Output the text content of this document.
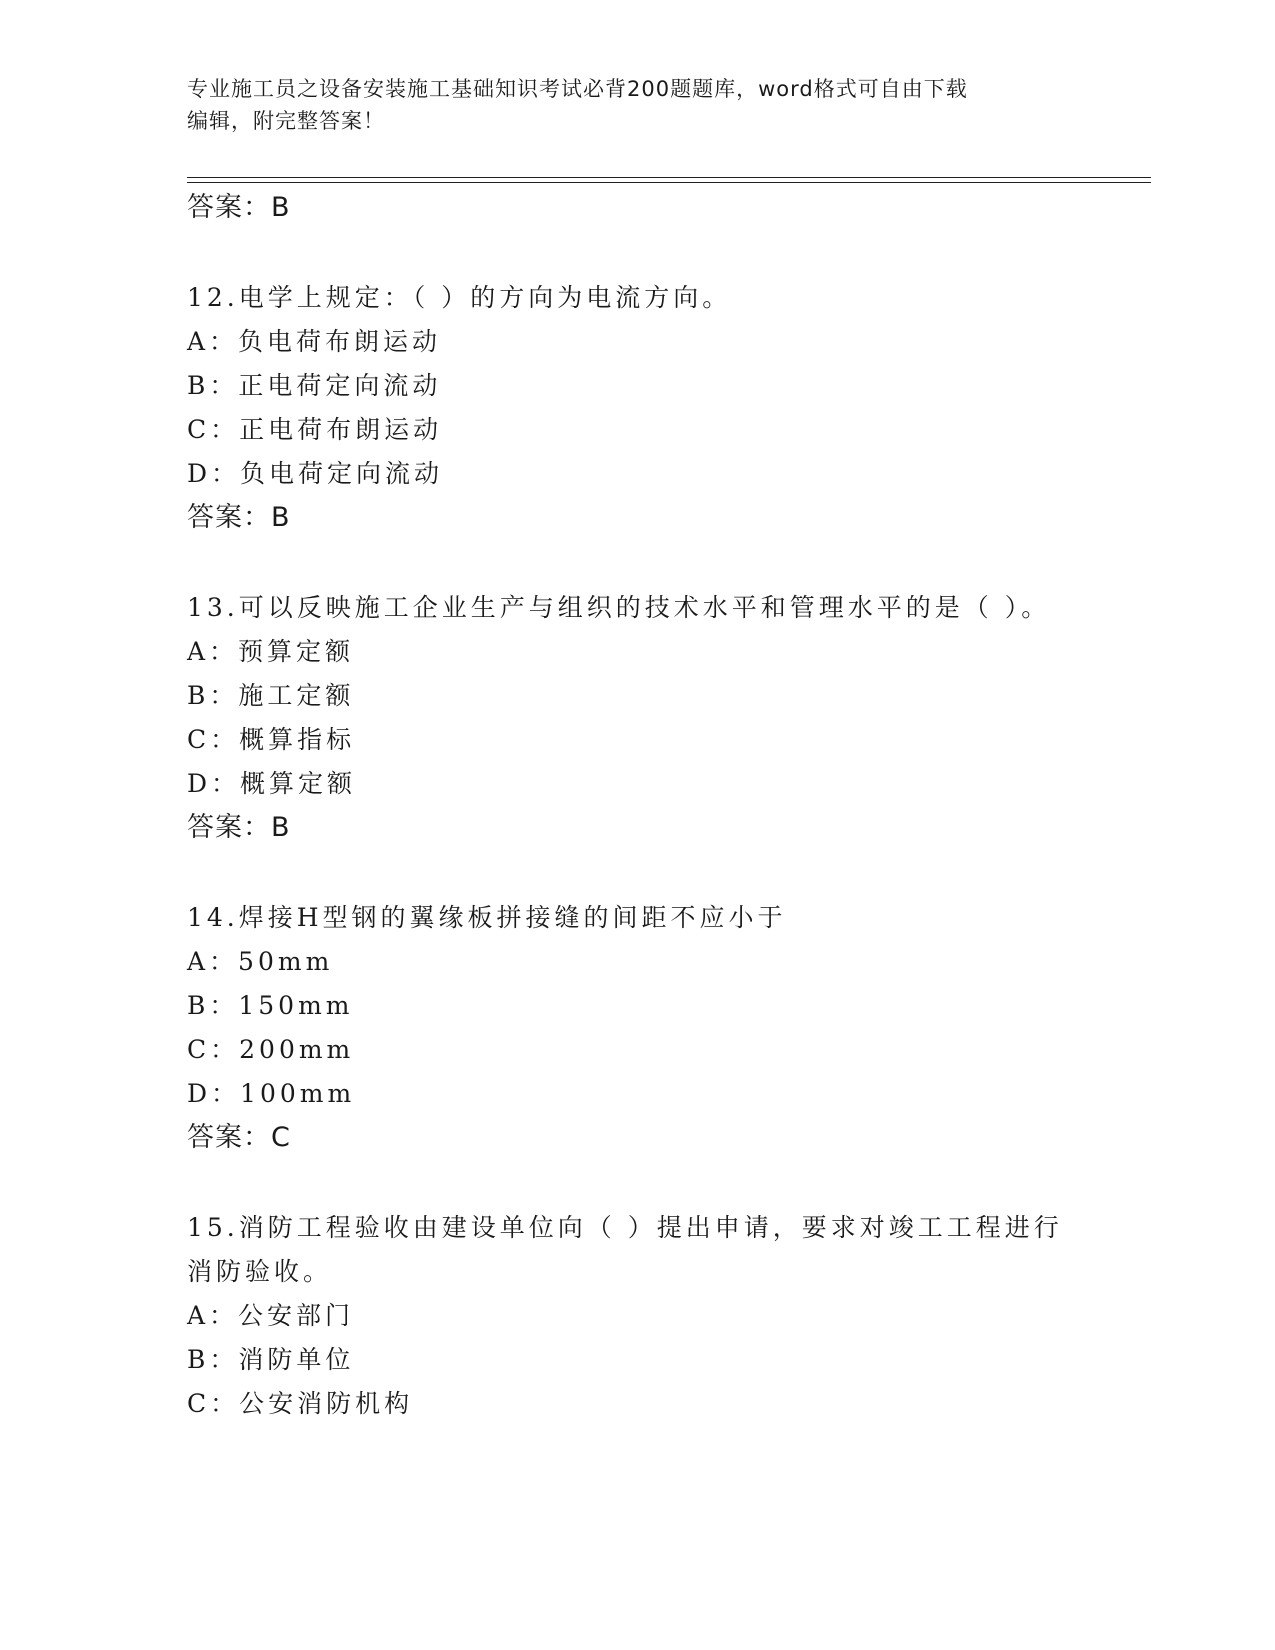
专业施工员之设备安装施工基础知识考试必背200题题库，word格式可自由下载
编辑，附完整答案！
答案：B
12.电学上规定：（ ）的方向为电流方向。
A：负电荷布朗运动
B：正电荷定向流动
C：正电荷布朗运动
D：负电荷定向流动
答案：B
13.可以反映施工企业生产与组织的技术水平和管理水平的是（ ）。
A：预算定额
B：施工定额
C：概算指标
D：概算定额
答案：B
14.焊接H型钢的翼缘板拼接缝的间距不应小于
A：50mm
B：150mm
C：200mm
D：100mm
答案：C
15.消防工程验收由建设单位向（ ）提出申请，要求对竣工工程进行
消防验收。
A：公安部门
B：消防单位
C：公安消防机构
